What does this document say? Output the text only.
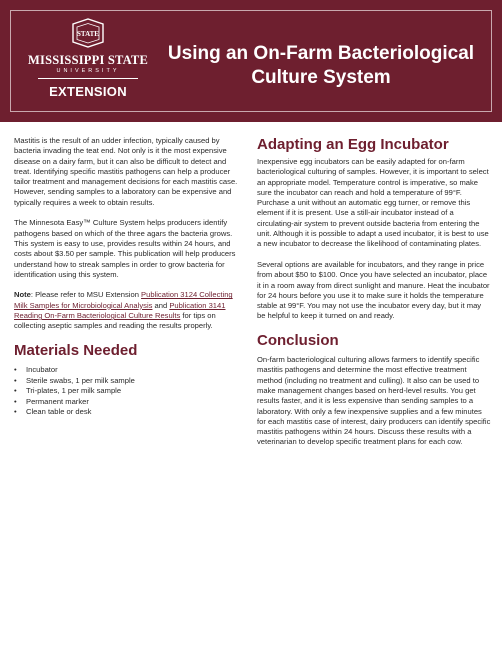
STATE
MISSISSIPPI STATE
UNIVERSITY
EXTENSION
Using an On-Farm Bacteriological
Culture System

Mastitis is the result of an udder infection, typically caused by bacteria invading the teat end. Not only is it the most expensive disease on a dairy farm, but it can also be difficult to detect and treat. Identifying specific mastitis pathogens can help a producer tailor treatment and management decisions for each mastitis case. However, sending samples to a laboratory can be expensive and typically requires a week to obtain results.

The Minnesota Easy™ Culture System helps producers identify pathogens based on which of the three agars the bacteria grows. This system is easy to use, provides results within 24 hours, and costs about $3.50 per sample. This publication will help producers understand how to streak samples in order to grow bacteria for identification using this system.

Note: Please refer to MSU Extension Publication 3124 Collecting Milk Samples for Microbiological Analysis and Publication 3141 Reading On-Farm Bacteriological Culture Results for tips on collecting aseptic samples and reading the results properly.

Materials Needed
• Incubator
• Sterile swabs, 1 per milk sample
• Tri-plates, 1 per milk sample
• Permanent marker
• Clean table or desk
Adapting an Egg Incubator

Inexpensive egg incubators can be easily adapted for on-farm bacteriological culturing of samples. However, it is important to select an appropriate model. Temperature control is imperative, so make sure the incubator can reach and hold a temperature of 99°F. Purchase a unit without an automatic egg turner, or remove this element if it is present. Use a still-air incubator instead of a circulating-air system to prevent outside bacteria from entering the unit. Although it is possible to adapt a used incubator, it is best to use a new incubator to decrease the likelihood of contaminating plates.

Several options are available for incubators, and they range in price from about $50 to $100. Once you have selected an incubator, place it in a room away from direct sunlight and manure. Heat the incubator for 24 hours before you use it to make sure it holds the temperature stable at 99°F. You may not use the incubator every day, but it may be helpful to keep it turned on and ready.

Conclusion

On-farm bacteriological culturing allows farmers to identify specific mastitis pathogens and determine the most effective treatment method (including no treatment and culling). It also can be used to make management changes based on herd-level results. You get results faster, and it is less expensive than sending samples to a laboratory. With only a few inexpensive supplies and a few minutes for each mastitis case of interest, dairy producers can identify specific mastitis pathogens within 24 hours. Discuss these results with a veterinarian to develop specific treatment plans for each cow.
